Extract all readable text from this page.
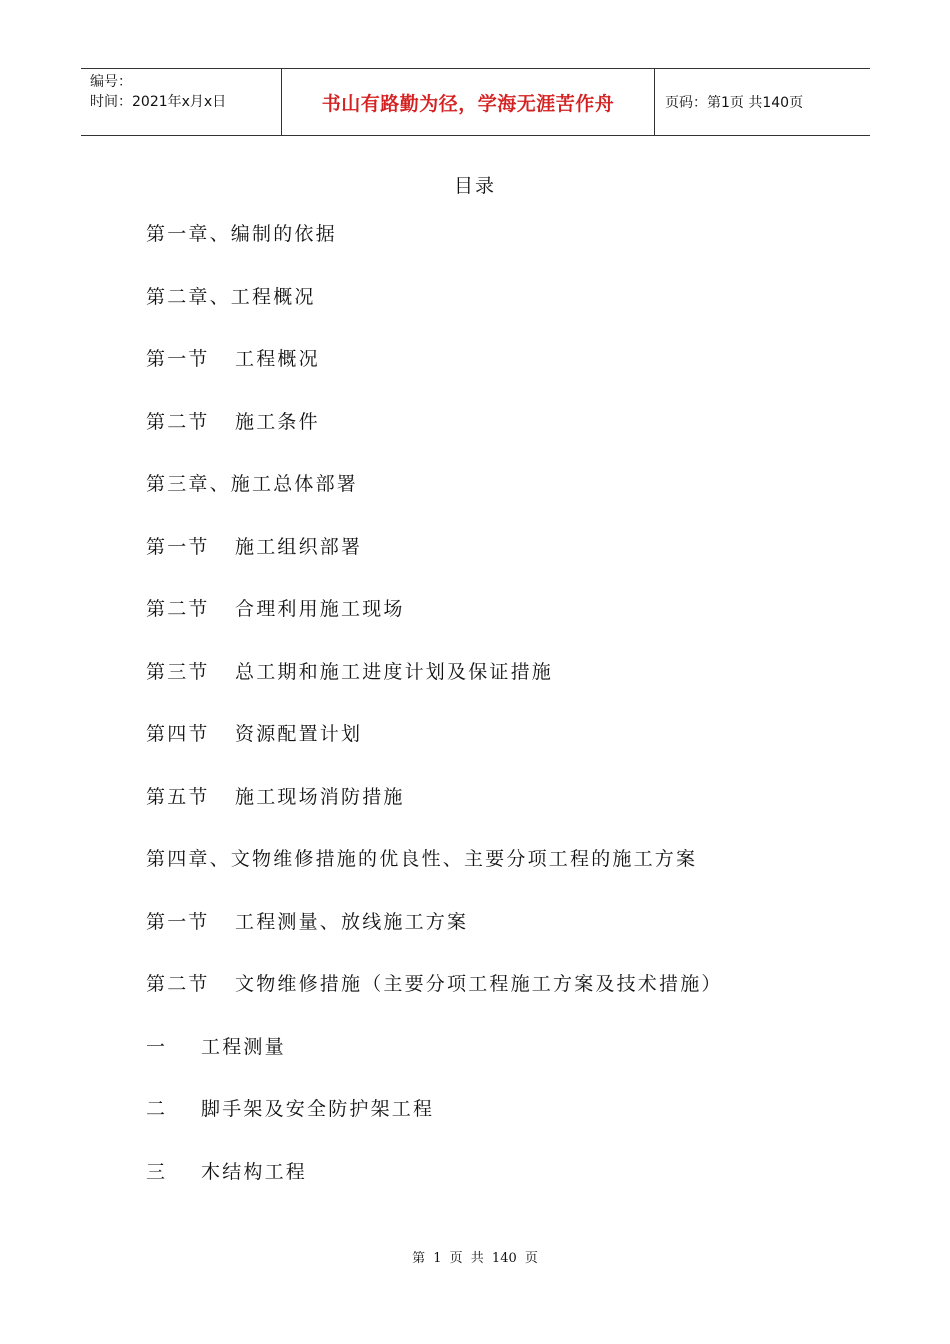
编号：
时间：2021年x月x日	书山有路勤为径，学海无涯苦作舟	页码：第1页 共140页
目录
第一章、编制的依据
第二章、工程概况
第一节	工程概况
第二节	施工条件
第三章、施工总体部署
第一节	施工组织部署
第二节	合理利用施工现场
第三节	总工期和施工进度计划及保证措施
第四节	资源配置计划
第五节	施工现场消防措施
第四章、文物维修措施的优良性、主要分项工程的施工方案
第一节	工程测量、放线施工方案
第二节	文物维修措施（主要分项工程施工方案及技术措施）
一	工程测量
二	脚手架及安全防护架工程
三	木结构工程
第 1 页 共 140 页
